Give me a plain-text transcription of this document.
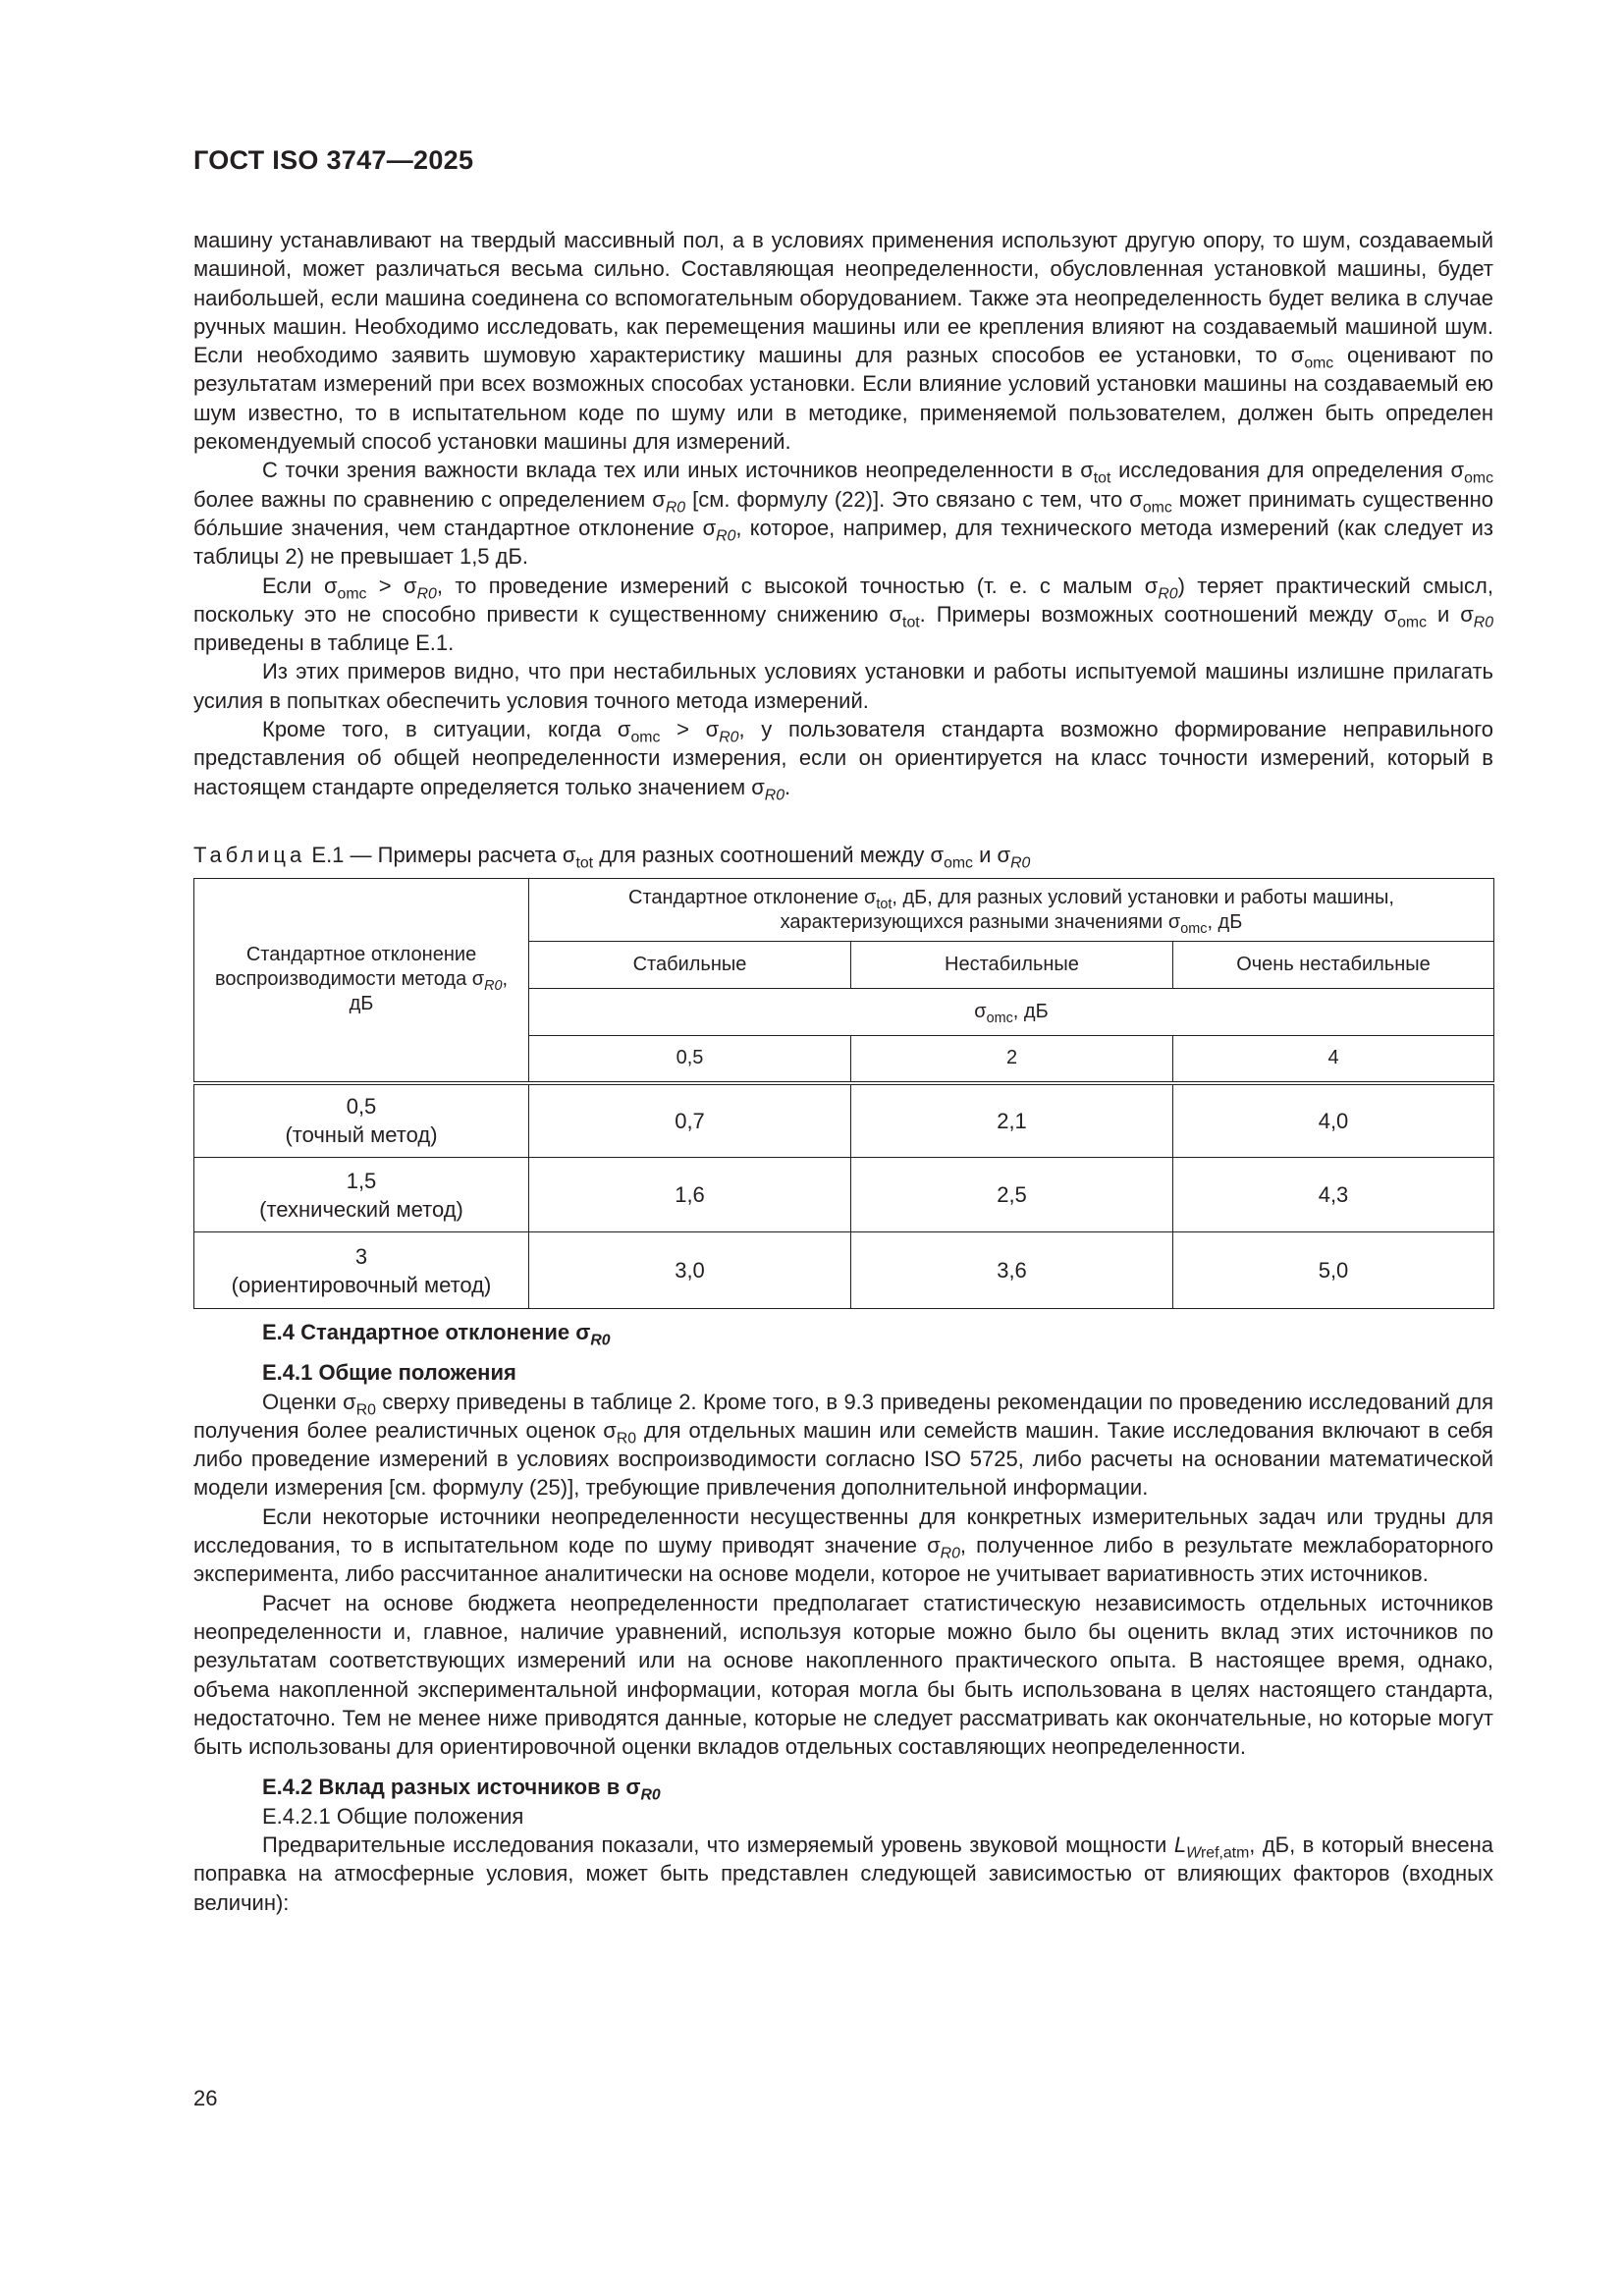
ГОСТ ISO 3747—2025

машину устанавливают на твердый массивный пол, а в условиях применения используют другую опору, то шум, создаваемый машиной, может различаться весьма сильно. Составляющая неопределенности, обусловленная установкой машины, будет наибольшей, если машина соединена со вспомогательным оборудованием. Также эта неопределенность будет велика в случае ручных машин. Необходимо исследовать, как перемещения машины или ее крепления влияют на создаваемый машиной шум. Если необходимо заявить шумовую характеристику машины для разных способов ее установки, то $\sigma_{omc}$ оценивают по результатам измерений при всех возможных способах установки. Если влияние условий установки машины на создаваемый ею шум известно, то в испытательном коде по шуму или в методике, применяемой пользователем, должен быть определен рекомендуемый способ установки машины для измерений.

С точки зрения важности вклада тех или иных источников неопределенности в $\sigma_{tot}$ исследования для определения $\sigma_{omc}$ более важны по сравнению с определением $\sigma_{R0}$ [см. формулу (22)]. Это связано с тем, что $\sigma_{omc}$ может принимать существенно бóльшие значения, чем стандартное отклонение $\sigma_{R0}$, которое, например, для технического метода измерений (как следует из таблицы 2) не превышает 1,5 дБ.

Если $\sigma_{omc} > \sigma_{R0}$, то проведение измерений с высокой точностью (т. е. с малым $\sigma_{R0}$) теряет практический смысл, поскольку это не способно привести к существенному снижению $\sigma_{tot}$. Примеры возможных соотношений между $\sigma_{omc}$ и $\sigma_{R0}$ приведены в таблице Е.1.

Из этих примеров видно, что при нестабильных условиях установки и работы испытуемой машины излишне прилагать усилия в попытках обеспечить условия точного метода измерений.

Кроме того, в ситуации, когда $\sigma_{omc} > \sigma_{R0}$, у пользователя стандарта возможно формирование неправильного представления об общей неопределенности измерения, если он ориентируется на класс точности измерений, который в настоящем стандарте определяется только значением $\sigma_{R0}$.

Таблица Е.1 — Примеры расчета $\sigma_{tot}$ для разных соотношений между $\sigma_{omc}$ и $\sigma_{R0}$
Стандартное отклонение воспроизводимости метода $\sigma_{R0}$, дБ	Стандартное отклонение $\sigma_{tot}$, дБ, для разных условий установки и работы машины, характеризующихся разными значениями $\sigma_{omc}$, дБ		
	Стабильные	Нестабильные	Очень нестабильные
	$\sigma_{omc}$, дБ		
	0,5	2	4
0,5
(точный метод)	0,7	2,1	4,0
1,5
(технический метод)	1,6	2,5	4,3
3
(ориентировочный метод)	3,0	3,6	5,0

Е.4 Стандартное отклонение $\sigma_{R0}$

Е.4.1 Общие положения

Оценки $\sigma_{R0}$ сверху приведены в таблице 2. Кроме того, в 9.3 приведены рекомендации по проведению исследований для получения более реалистичных оценок $\sigma_{R0}$ для отдельных машин или семейств машин. Такие исследования включают в себя либо проведение измерений в условиях воспроизводимости согласно ISO 5725, либо расчеты на основании математической модели измерения [см. формулу (25)], требующие привлечения дополнительной информации.

Если некоторые источники неопределенности несущественны для конкретных измерительных задач или трудны для исследования, то в испытательном коде по шуму приводят значение $\sigma_{R0}$, полученное либо в результате межлабораторного эксперимента, либо рассчитанное аналитически на основе модели, которое не учитывает вариативность этих источников.

Расчет на основе бюджета неопределенности предполагает статистическую независимость отдельных источников неопределенности и, главное, наличие уравнений, используя которые можно было бы оценить вклад этих источников по результатам соответствующих измерений или на основе накопленного практического опыта. В настоящее время, однако, объема накопленной экспериментальной информации, которая могла бы быть использована в целях настоящего стандарта, недостаточно. Тем не менее ниже приводятся данные, которые не следует рассматривать как окончательные, но которые могут быть использованы для ориентировочной оценки вкладов отдельных составляющих неопределенности.

Е.4.2 Вклад разных источников в $\sigma_{R0}$

Е.4.2.1 Общие положения

Предварительные исследования показали, что измеряемый уровень звуковой мощности $L_{Wref,atm}$, дБ, в который внесена поправка на атмосферные условия, может быть представлен следующей зависимостью от влияющих факторов (входных величин):

26
